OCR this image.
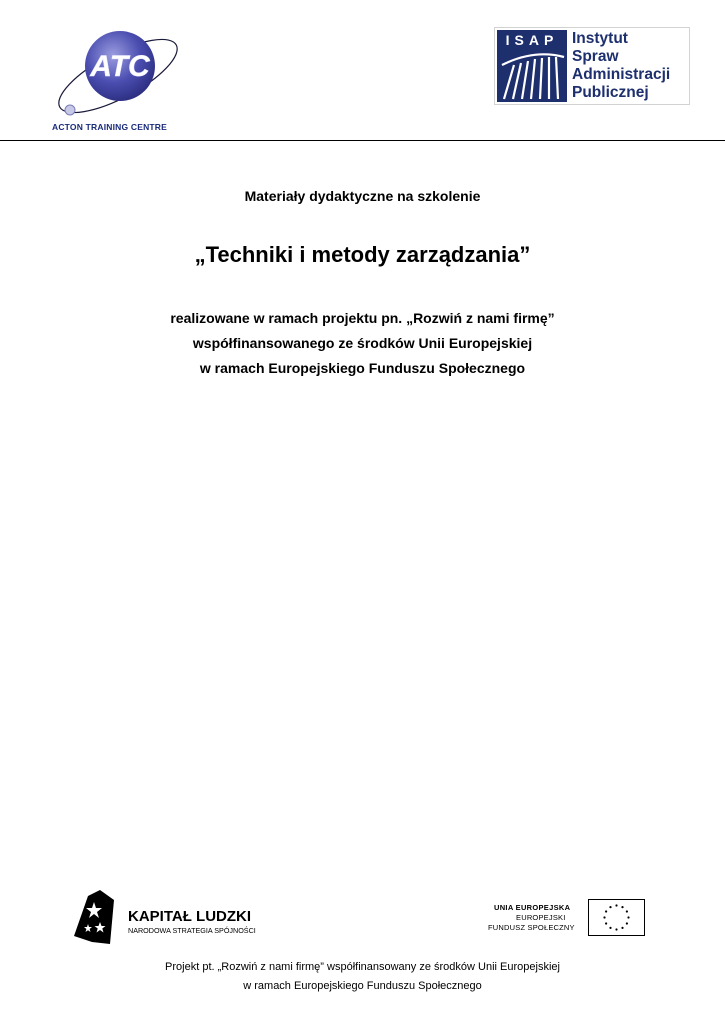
ATC
ACTON TRAINING CENTRE
ISAP Instytut
Spraw
Administracji
Publicznej
Materiały dydaktyczne na szkolenie
„Techniki i metody zarządzania”
realizowane w ramach projektu pn. „Rozwiń z nami firmę”
współfinansowanego ze środków Unii Europejskiej
w ramach Europejskiego Funduszu Społecznego
KAPITAŁ LUDZKI
NARODOWA STRATEGIA SPÓJNOŚCI
UNIA EUROPEJSKA
EUROPEJSKI
FUNDUSZ SPOŁECZNY
Projekt pt. „Rozwiń z nami firmę” współfinansowany ze środków Unii Europejskiej
w ramach Europejskiego Funduszu Społecznego
